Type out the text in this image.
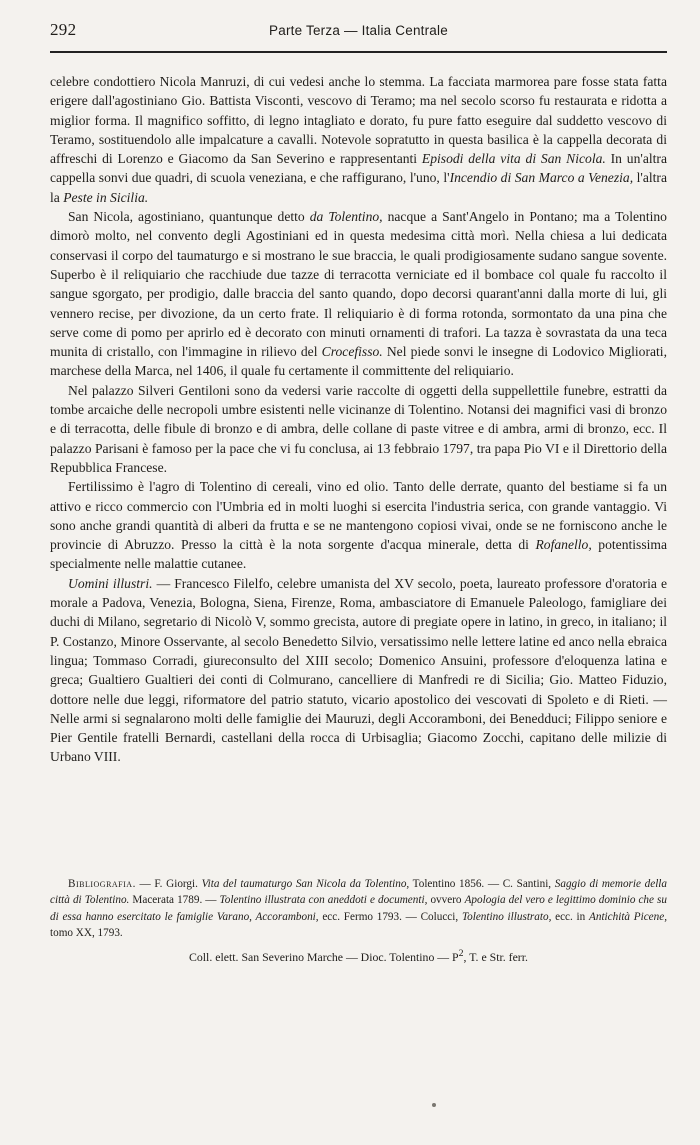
292	Parte Terza — Italia Centrale

celebre condottiero Nicola Manruzi, di cui vedesi anche lo stemma. La facciata marmorea pare fosse stata fatta erigere dall'agostiniano Gio. Battista Visconti, vescovo di Teramo; ma nel secolo scorso fu restaurata e ridotta a miglior forma. Il magnifico soffitto, di legno intagliato e dorato, fu pure fatto eseguire dal suddetto vescovo di Teramo, sostituendolo alle impalcature a cavalli. Notevole sopratutto in questa basilica è la cappella decorata di affreschi di Lorenzo e Giacomo da San Severino e rappresentanti Episodi della vita di San Nicola. In un'altra cappella sonvi due quadri, di scuola veneziana, e che raffigurano, l'uno, l'Incendio di San Marco a Venezia, l'altra la Peste in Sicilia.

San Nicola, agostiniano, quantunque detto da Tolentino, nacque a Sant'Angelo in Pontano; ma a Tolentino dimorò molto, nel convento degli Agostiniani ed in questa medesima città morì. Nella chiesa a lui dedicata conservasi il corpo del taumaturgo e si mostrano le sue braccia, le quali prodigiosamente sudano sangue sovente. Superbo è il reliquiario che racchiude due tazze di terracotta verniciate ed il bombace col quale fu raccolto il sangue sgorgato, per prodigio, dalle braccia del santo quando, dopo decorsi quarant'anni dalla morte di lui, gli vennero recise, per divozione, da un certo frate. Il reliquiario è di forma rotonda, sormontato da una pina che serve come di pomo per aprirlo ed è decorato con minuti ornamenti di trafori. La tazza è sovrastata da una teca munita di cristallo, con l'immagine in rilievo del Crocefisso. Nel piede sonvi le insegne di Lodovico Migliorati, marchese della Marca, nel 1406, il quale fu certamente il committente del reliquiario.

Nel palazzo Silveri Gentiloni sono da vedersi varie raccolte di oggetti della suppellettile funebre, estratti da tombe arcaiche delle necropoli umbre esistenti nelle vicinanze di Tolentino. Notansi dei magnifici vasi di bronzo e di terracotta, delle fibule di bronzo e di ambra, delle collane di paste vitree e di ambra, armi di bronzo, ecc. Il palazzo Parisani è famoso per la pace che vi fu conclusa, ai 13 febbraio 1797, tra papa Pio VI e il Direttorio della Repubblica Francese.

Fertilissimo è l'agro di Tolentino di cereali, vino ed olio. Tanto delle derrate, quanto del bestiame si fa un attivo e ricco commercio con l'Umbria ed in molti luoghi si esercita l'industria serica, con grande vantaggio. Vi sono anche grandi quantità di alberi da frutta e se ne mantengono copiosi vivai, onde se ne forniscono anche le provincie di Abruzzo. Presso la città è la nota sorgente d'acqua minerale, detta di Rofanello, potentissima specialmente nelle malattie cutanee.

Uomini illustri. — Francesco Filelfo, celebre umanista del XV secolo, poeta, laureato professore d'oratoria e morale a Padova, Venezia, Bologna, Siena, Firenze, Roma, ambasciatore di Emanuele Paleologo, famigliare dei duchi di Milano, segretario di Nicolò V, sommo grecista, autore di pregiate opere in latino, in greco, in italiano; il P. Costanzo, Minore Osservante, al secolo Benedetto Silvio, versatissimo nelle lettere latine ed anco nella ebraica lingua; Tommaso Corradi, giureconsulto del XIII secolo; Domenico Ansuini, professore d'eloquenza latina e greca; Gualtiero Gualtieri dei conti di Colmurano, cancelliere di Manfredi re di Sicilia; Gio. Matteo Fiduzio, dottore nelle due leggi, riformatore del patrio statuto, vicario apostolico dei vescovati di Spoleto e di Rieti. — Nelle armi si segnalarono molti delle famiglie dei Mauruzi, degli Accoramboni, dei Benedduci; Filippo seniore e Pier Gentile fratelli Bernardi, castellani della rocca di Urbisaglia; Giacomo Zocchi, capitano delle milizie di Urbano VIII.

Bibliografia. — F. Giorgi. Vita del taumaturgo San Nicola da Tolentino, Tolentino 1856. — C. Santini, Saggio di memorie della città di Tolentino. Macerata 1789. — Tolentino illustrata con aneddoti e documenti, ovvero Apologia del vero e legittimo dominio che su di essa hanno esercitato le famiglie Varano, Accoramboni, ecc. Fermo 1793. — Colucci, Tolentino illustrato, ecc. in Antichità Picene, tomo XX, 1793.

Coll. elett. San Severino Marche — Dioc. Tolentino — $P^2$, T. e Str. ferr.
